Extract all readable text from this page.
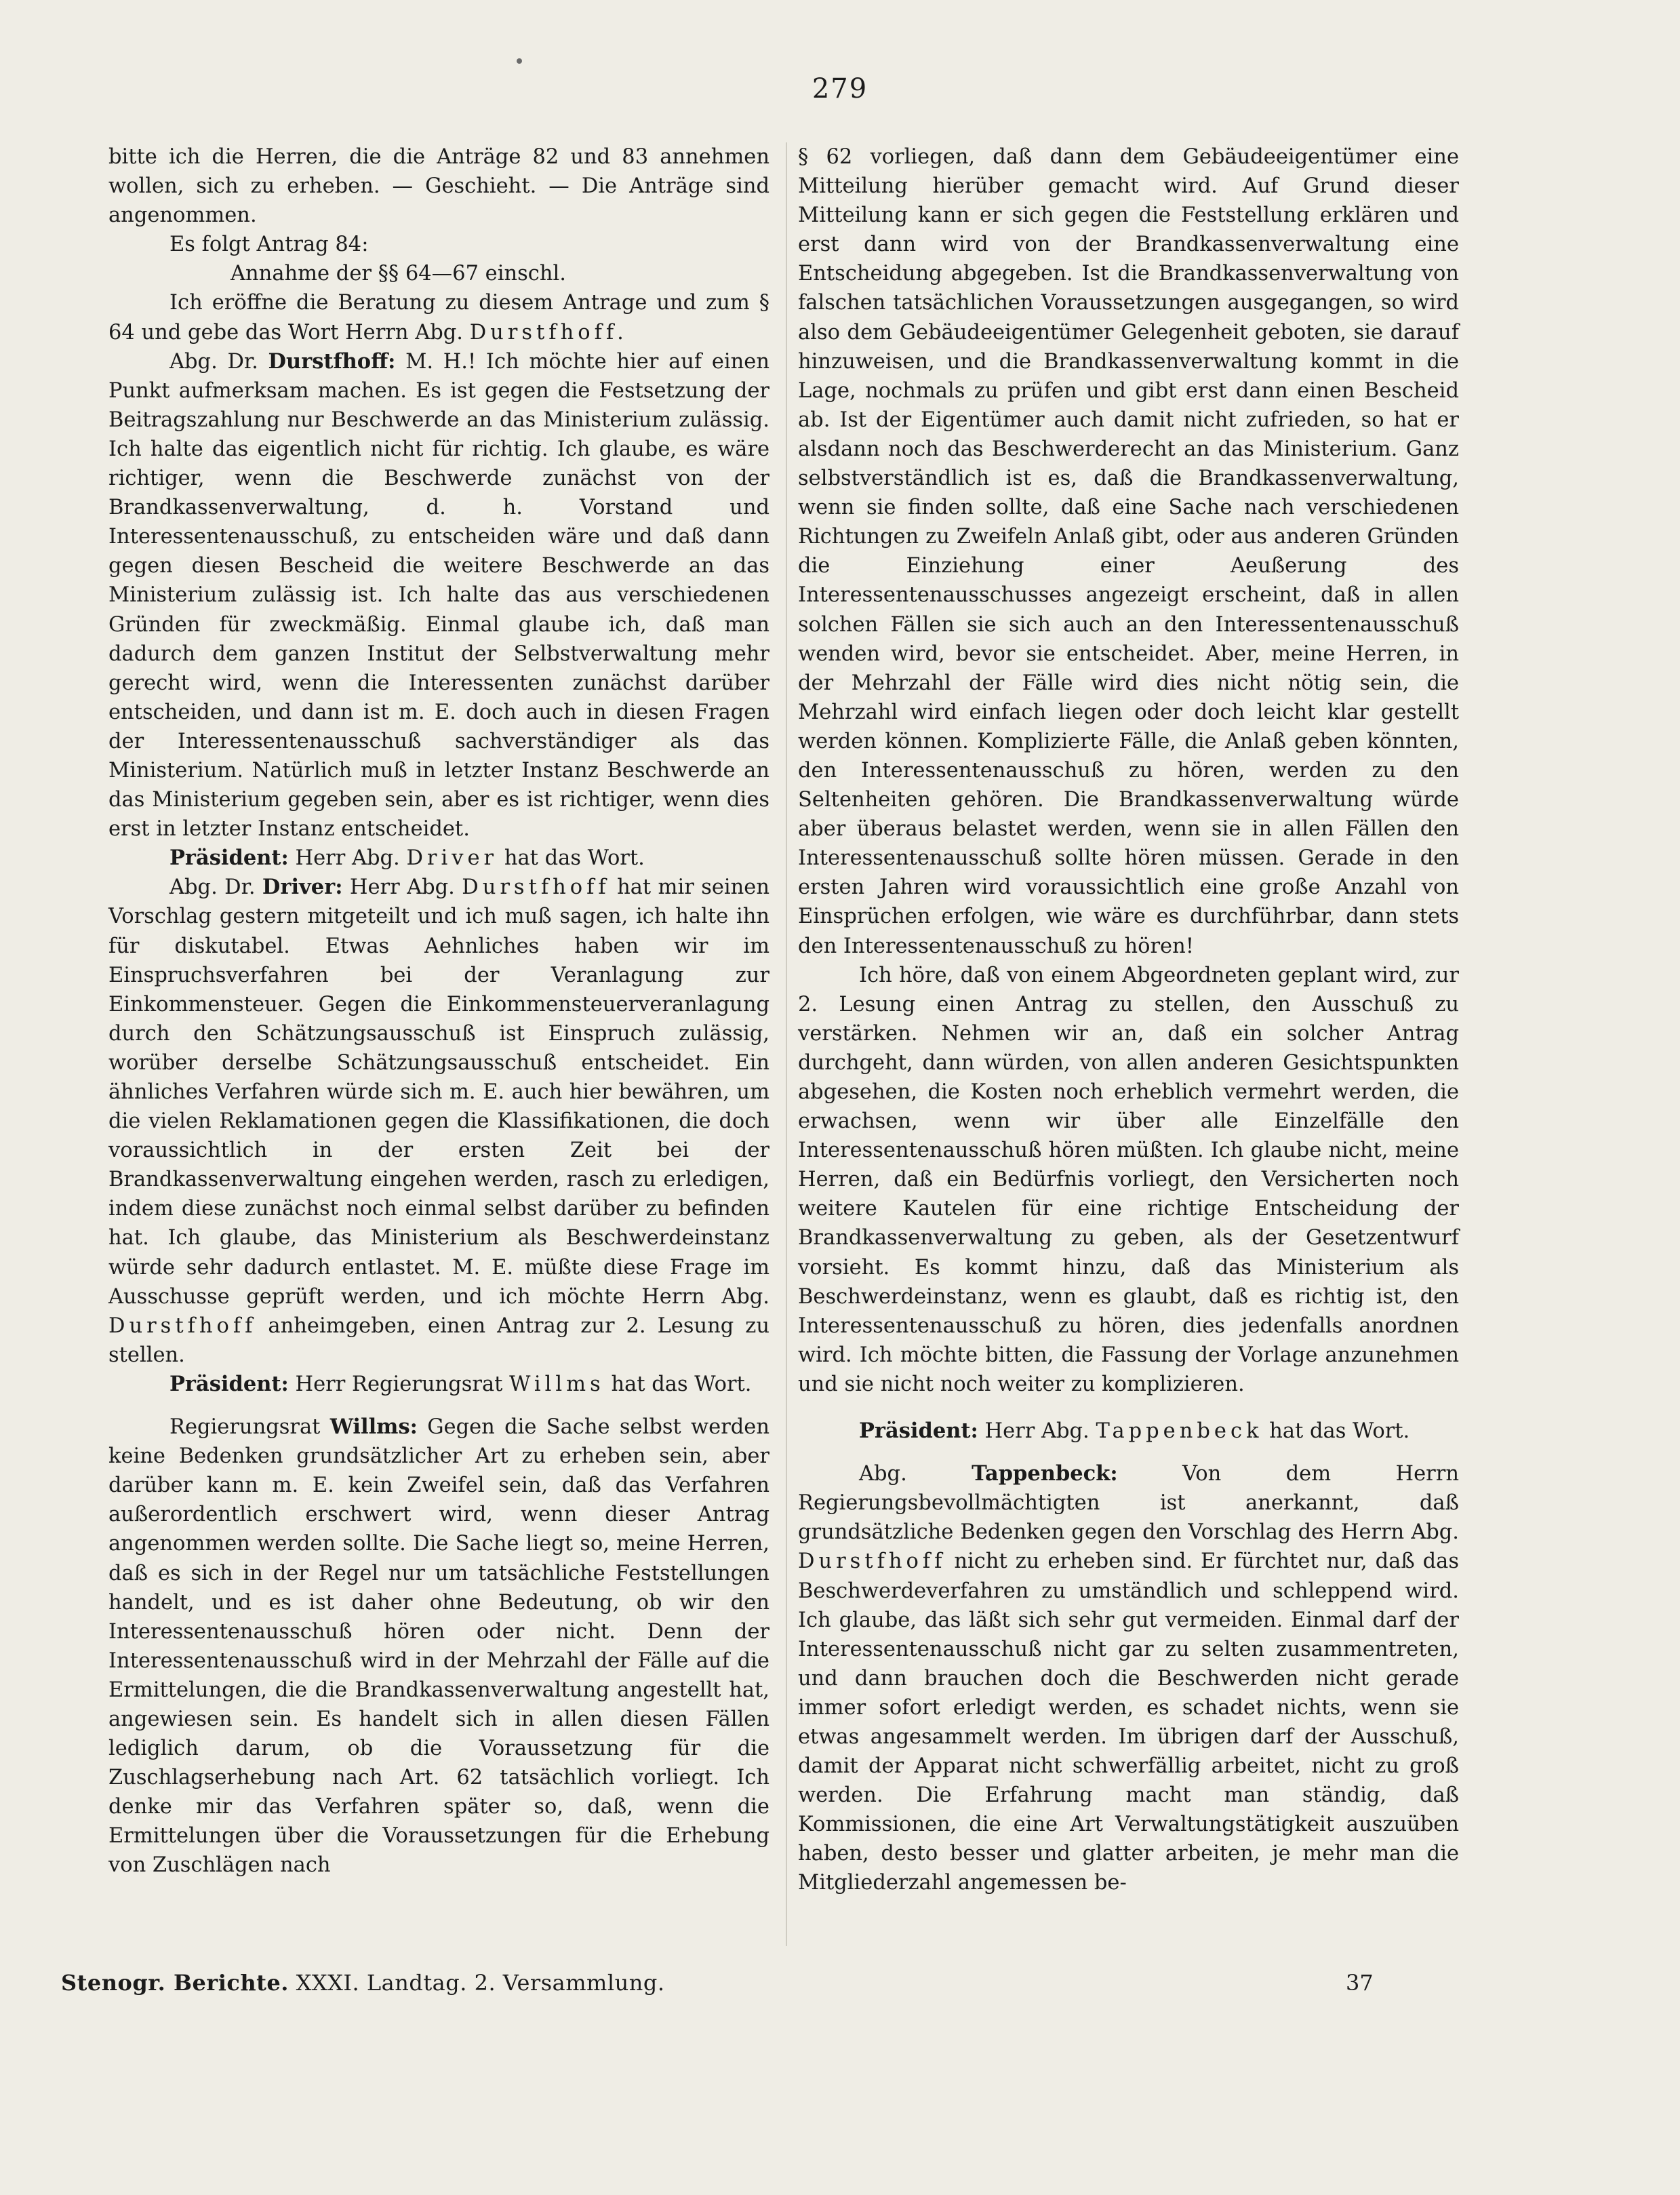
279

bitte ich die Herren, die die Anträge 82 und 83 annehmen wollen, sich zu erheben. — Geschieht. — Die Anträge sind angenommen.

Es folgt Antrag 84:

Annahme der §§ 64—67 einschl.

Ich eröffne die Beratung zu diesem Antrage und zum § 64 und gebe das Wort Herrn Abg. Durstfhoff.

Abg. Dr. Durstfhoff: M. H.! Ich möchte hier auf einen Punkt aufmerksam machen. Es ist gegen die Festsetzung der Beitragszahlung nur Beschwerde an das Ministerium zulässig. Ich halte das eigentlich nicht für richtig. Ich glaube, es wäre richtiger, wenn die Beschwerde zunächst von der Brandkassenverwaltung, d. h. Vorstand und Interessentenausschuß, zu entscheiden wäre und daß dann gegen diesen Bescheid die weitere Beschwerde an das Ministerium zulässig ist. Ich halte das aus verschiedenen Gründen für zweckmäßig. Einmal glaube ich, daß man dadurch dem ganzen Institut der Selbstverwaltung mehr gerecht wird, wenn die Interessenten zunächst darüber entscheiden, und dann ist m. E. doch auch in diesen Fragen der Interessentenausschuß sachverständiger als das Ministerium. Natürlich muß in letzter Instanz Beschwerde an das Ministerium gegeben sein, aber es ist richtiger, wenn dies erst in letzter Instanz entscheidet.

Präsident: Herr Abg. Driver hat das Wort.

Abg. Dr. Driver: Herr Abg. Durstfhoff hat mir seinen Vorschlag gestern mitgeteilt und ich muß sagen, ich halte ihn für diskutabel. Etwas Aehnliches haben wir im Einspruchsverfahren bei der Veranlagung zur Einkommensteuer. Gegen die Einkommensteuerveranlagung durch den Schätzungsausschuß ist Einspruch zulässig, worüber derselbe Schätzungsausschuß entscheidet. Ein ähnliches Verfahren würde sich m. E. auch hier bewähren, um die vielen Reklamationen gegen die Klassifikationen, die doch voraussichtlich in der ersten Zeit bei der Brandkassenverwaltung eingehen werden, rasch zu erledigen, indem diese zunächst noch einmal selbst darüber zu befinden hat. Ich glaube, das Ministerium als Beschwerdeinstanz würde sehr dadurch entlastet. M. E. müßte diese Frage im Ausschusse geprüft werden, und ich möchte Herrn Abg. Durstfhoff anheimgeben, einen Antrag zur 2. Lesung zu stellen.

Präsident: Herr Regierungsrat Willms hat das Wort.

Regierungsrat Willms: Gegen die Sache selbst werden keine Bedenken grundsätzlicher Art zu erheben sein, aber darüber kann m. E. kein Zweifel sein, daß das Verfahren außerordentlich erschwert wird, wenn dieser Antrag angenommen werden sollte. Die Sache liegt so, meine Herren, daß es sich in der Regel nur um tatsächliche Feststellungen handelt, und es ist daher ohne Bedeutung, ob wir den Interessentenausschuß hören oder nicht. Denn der Interessentenausschuß wird in der Mehrzahl der Fälle auf die Ermittelungen, die die Brandkassenverwaltung angestellt hat, angewiesen sein. Es handelt sich in allen diesen Fällen lediglich darum, ob die Voraussetzung für die Zuschlagserhebung nach Art. 62 tatsächlich vorliegt. Ich denke mir das Verfahren später so, daß, wenn die Ermittelungen über die Voraussetzungen für die Erhebung von Zuschlägen nach

§ 62 vorliegen, daß dann dem Gebäudeeigentümer eine Mitteilung hierüber gemacht wird. Auf Grund dieser Mitteilung kann er sich gegen die Feststellung erklären und erst dann wird von der Brandkassenverwaltung eine Entscheidung abgegeben. Ist die Brandkassenverwaltung von falschen tatsächlichen Voraussetzungen ausgegangen, so wird also dem Gebäudeeigentümer Gelegenheit geboten, sie darauf hinzuweisen, und die Brandkassenverwaltung kommt in die Lage, nochmals zu prüfen und gibt erst dann einen Bescheid ab. Ist der Eigentümer auch damit nicht zufrieden, so hat er alsdann noch das Beschwerderecht an das Ministerium. Ganz selbstverständlich ist es, daß die Brandkassenverwaltung, wenn sie finden sollte, daß eine Sache nach verschiedenen Richtungen zu Zweifeln Anlaß gibt, oder aus anderen Gründen die Einziehung einer Aeußerung des Interessentenausschusses angezeigt erscheint, daß in allen solchen Fällen sie sich auch an den Interessentenausschuß wenden wird, bevor sie entscheidet. Aber, meine Herren, in der Mehrzahl der Fälle wird dies nicht nötig sein, die Mehrzahl wird einfach liegen oder doch leicht klar gestellt werden können. Komplizierte Fälle, die Anlaß geben könnten, den Interessentenausschuß zu hören, werden zu den Seltenheiten gehören. Die Brandkassenverwaltung würde aber überaus belastet werden, wenn sie in allen Fällen den Interessentenausschuß sollte hören müssen. Gerade in den ersten Jahren wird voraussichtlich eine große Anzahl von Einsprüchen erfolgen, wie wäre es durchführbar, dann stets den Interessentenausschuß zu hören!

Ich höre, daß von einem Abgeordneten geplant wird, zur 2. Lesung einen Antrag zu stellen, den Ausschuß zu verstärken. Nehmen wir an, daß ein solcher Antrag durchgeht, dann würden, von allen anderen Gesichtspunkten abgesehen, die Kosten noch erheblich vermehrt werden, die erwachsen, wenn wir über alle Einzelfälle den Interessentenausschuß hören müßten. Ich glaube nicht, meine Herren, daß ein Bedürfnis vorliegt, den Versicherten noch weitere Kautelen für eine richtige Entscheidung der Brandkassenverwaltung zu geben, als der Gesetzentwurf vorsieht. Es kommt hinzu, daß das Ministerium als Beschwerdeinstanz, wenn es glaubt, daß es richtig ist, den Interessentenausschuß zu hören, dies jedenfalls anordnen wird. Ich möchte bitten, die Fassung der Vorlage anzunehmen und sie nicht noch weiter zu komplizieren.

Präsident: Herr Abg. Tappenbeck hat das Wort.

Abg.	Tappenbeck:	Von dem Herrn Regierungsbevollmächtigten ist anerkannt, daß grundsätzliche Bedenken gegen den Vorschlag des Herrn Abg. Durstfhoff nicht zu erheben sind. Er fürchtet nur, daß das Beschwerdeverfahren zu umständlich und schleppend wird. Ich glaube, das läßt sich sehr gut vermeiden. Einmal darf der Interessentenausschuß nicht gar zu selten zusammentreten, und dann brauchen doch die Beschwerden nicht gerade immer sofort erledigt werden, es schadet nichts, wenn sie etwas angesammelt werden. Im übrigen darf der Ausschuß, damit der Apparat nicht schwerfällig arbeitet, nicht zu groß werden. Die Erfahrung macht man ständig, daß Kommissionen, die eine Art Verwaltungstätigkeit auszuüben haben, desto besser und glatter arbeiten, je mehr man die Mitgliederzahl angemessen be-

Stenogr. Berichte. XXXI. Landtag. 2. Versammlung.	37
